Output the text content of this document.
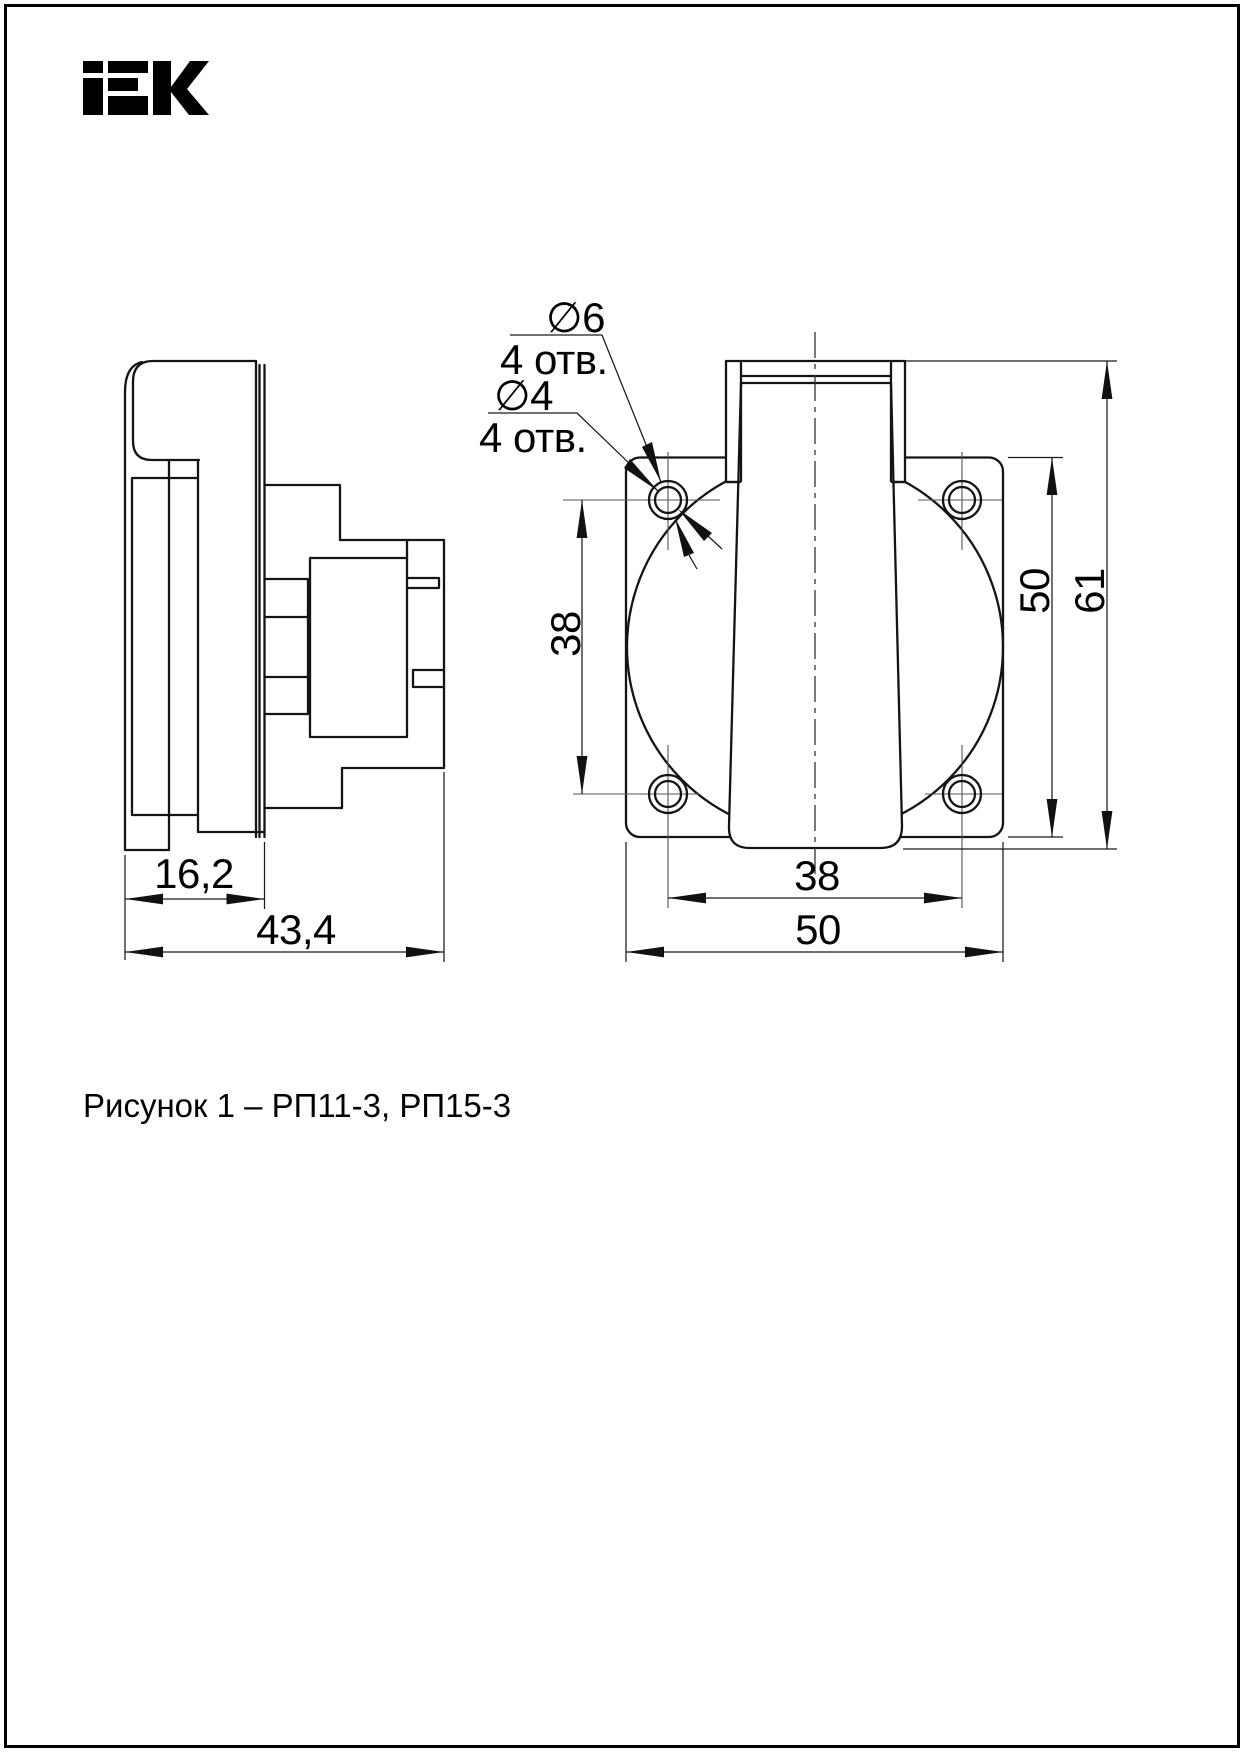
∅6
4 отв.
∅4
4 отв.
16,2
43,4
38
50
38
50 61
Рисунок 1 – РП11-3, РП15-3
